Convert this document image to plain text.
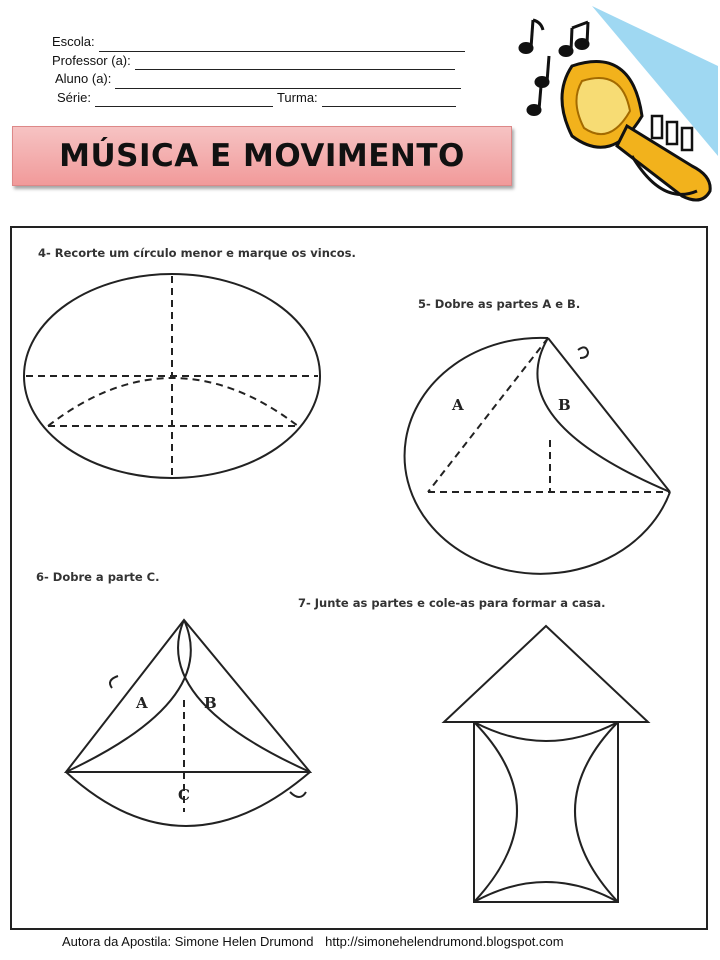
Escola:
Professor (a):
Aluno (a):
Série:	Turma:
MÚSICA E MOVIMENTO
4- Recorte um círculo menor e marque os vincos.
5- Dobre as partes A e B.
6- Dobre a parte C.
7- Junte as partes e cole-as para formar a casa.
A	B
A	B
C
Autora da Apostila: Simone Helen Drumond http://simonehelendrumond.blogspot.com
